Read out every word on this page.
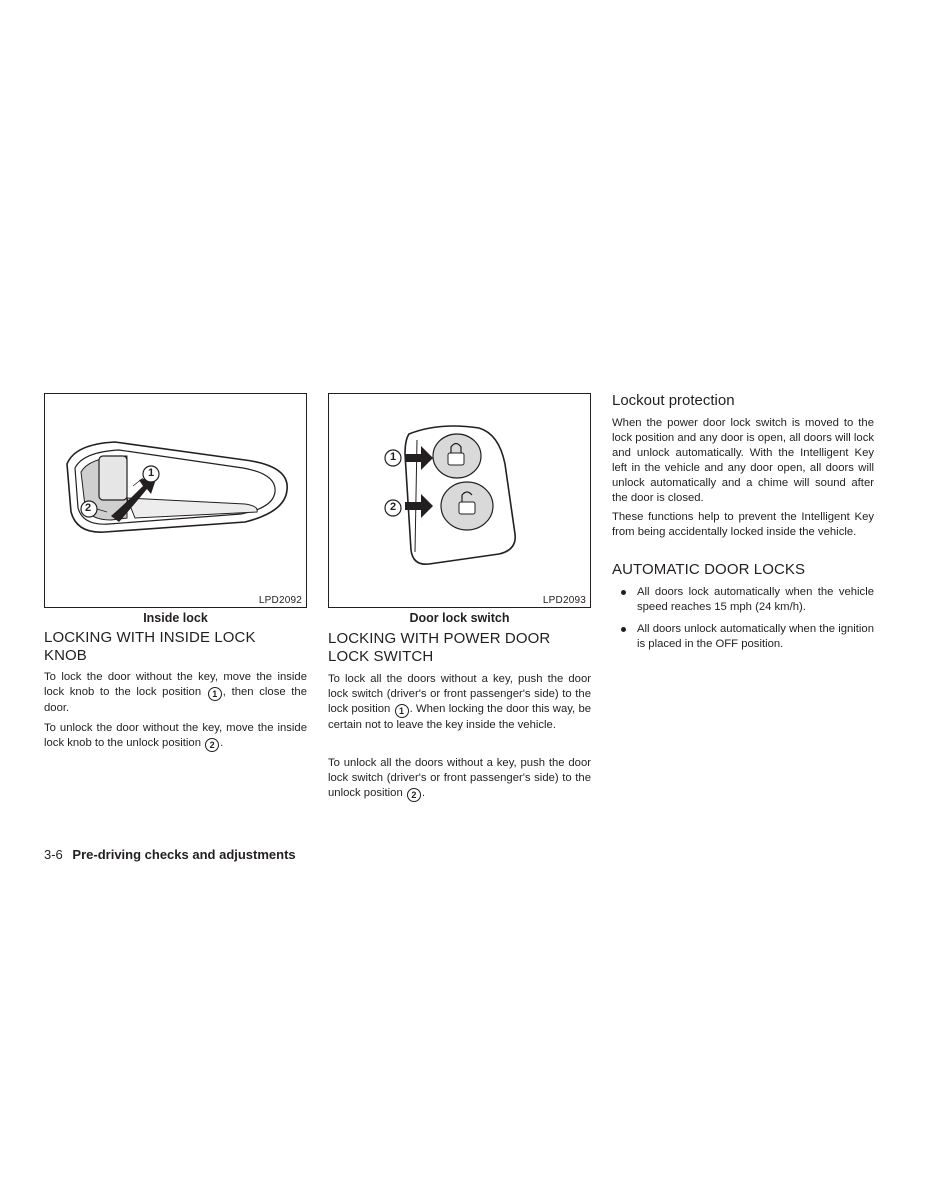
1
2
LPD2092
Inside lock
LOCKING WITH INSIDE LOCK
KNOB

To lock the door without the key, move the inside lock knob to the lock position 1 , then close the door.

To unlock the door without the key, move the inside lock knob to the unlock position 2 .

1
2
LPD2093
Door lock switch
LOCKING WITH POWER DOOR
LOCK SWITCH

To lock all the doors without a key, push the door lock switch (driver's or front passenger's side) to the lock position 1 . When locking the door this way, be certain not to leave the key inside the vehicle.

To unlock all the doors without a key, push the door lock switch (driver's or front passenger's side) to the unlock position 2 .

Lockout protection
When the power door lock switch is moved to the lock position and any door is open, all doors will lock and unlock automatically. With the Intelligent Key left in the vehicle and any door open, all doors will unlock automatically and a chime will sound after the door is closed.
These functions help to prevent the Intelligent Key from being accidentally locked inside the vehicle.
AUTOMATIC DOOR LOCKS
All doors lock automatically when the vehicle speed reaches 15 mph (24 km/h).
All doors unlock automatically when the ignition is placed in the OFF position.
3-6 Pre-driving checks and adjustments
